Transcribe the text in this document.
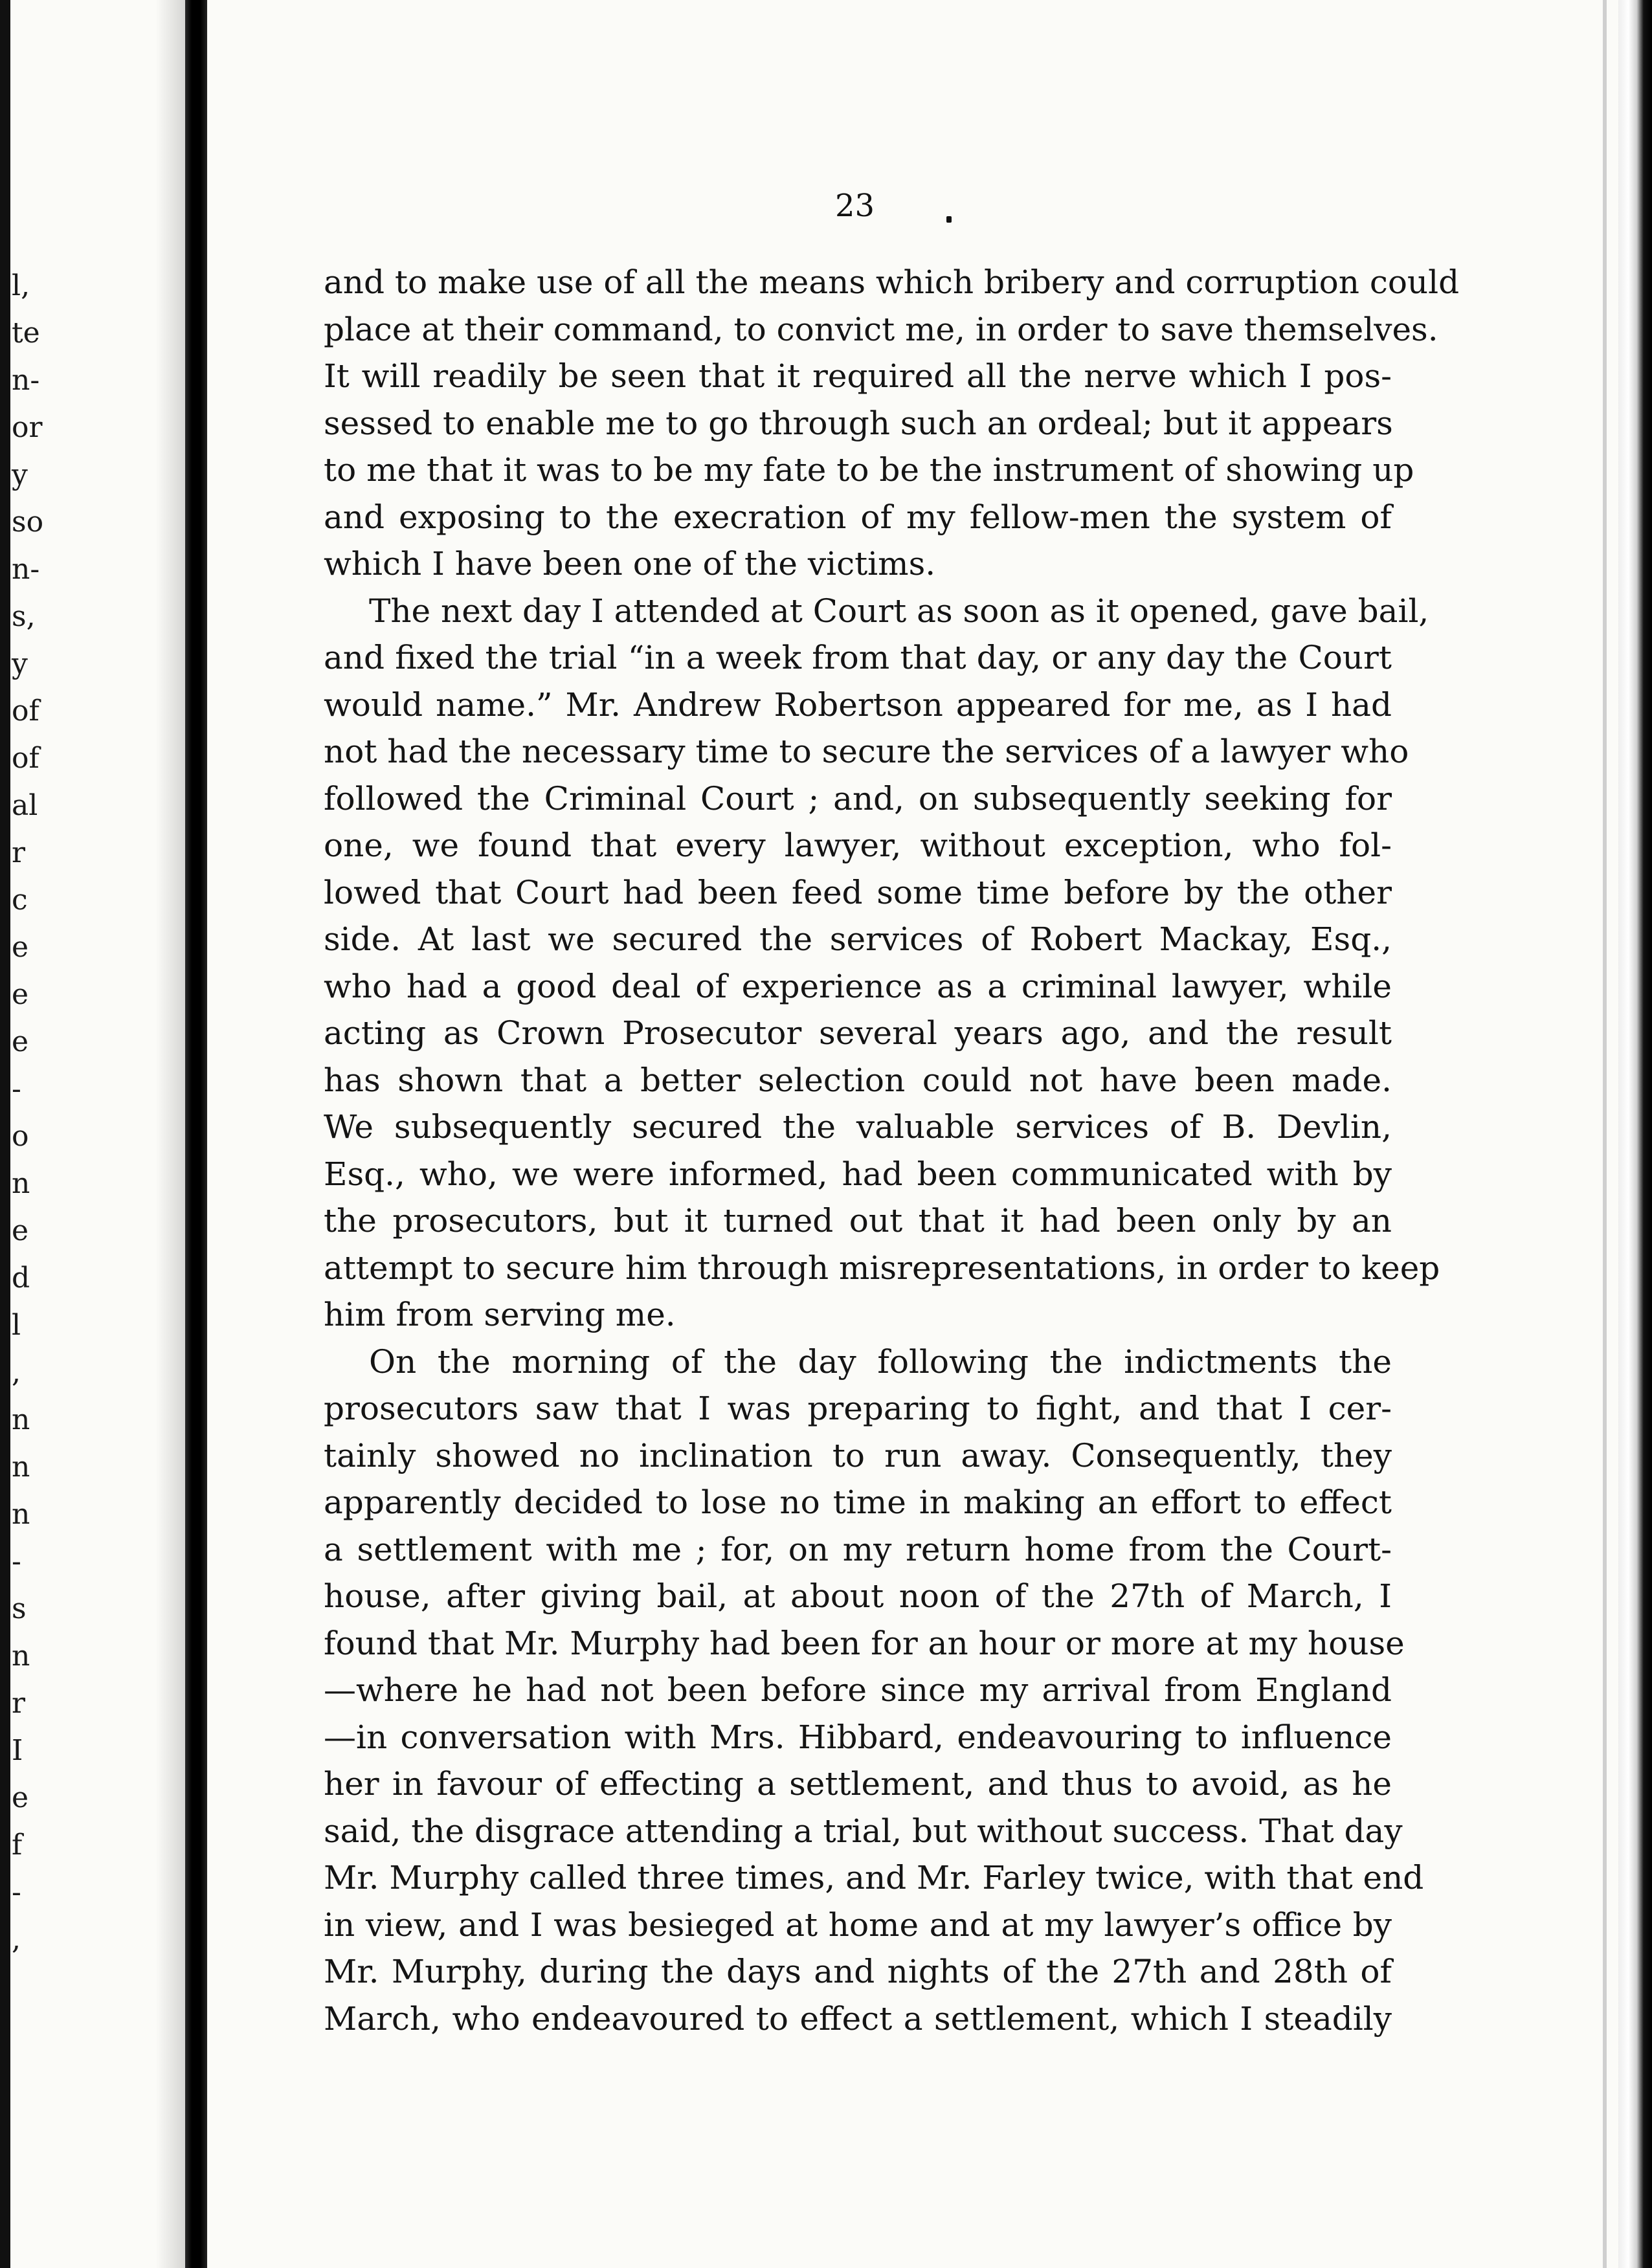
l,
te
n-
or
y
so
n-
s,
y
of
of
al
r
c
e
e
e
-
o
n
e
d
l
,
n
n
n
-
s
n
r
I
e
f
-
,
23
and to make use of all the means which bribery and corruption could
place at their command, to convict me, in order to save themselves.
It will readily be seen that it required all the nerve which I pos-
sessed to enable me to go through such an ordeal; but it appears
to me that it was to be my fate to be the instrument of showing up
and exposing to the execration of my fellow-men the system of
which I have been one of the victims.
The next day I attended at Court as soon as it opened, gave bail,
and fixed the trial “in a week from that day, or any day the Court
would name.” Mr. Andrew Robertson appeared for me, as I had
not had the necessary time to secure the services of a lawyer who
followed the Criminal Court ; and, on subsequently seeking for
one, we found that every lawyer, without exception, who fol-
lowed that Court had been feed some time before by the other
side. At last we secured the services of Robert Mackay, Esq.,
who had a good deal of experience as a criminal lawyer, while
acting as Crown Prosecutor several years ago, and the result
has shown that a better selection could not have been made.
We subsequently secured the valuable services of B. Devlin,
Esq., who, we were informed, had been communicated with by
the prosecutors, but it turned out that it had been only by an
attempt to secure him through misrepresentations, in order to keep
him from serving me.
On the morning of the day following the indictments the
prosecutors saw that I was preparing to fight, and that I cer-
tainly showed no inclination to run away. Consequently, they
apparently decided to lose no time in making an effort to effect
a settlement with me ; for, on my return home from the Court-
house, after giving bail, at about noon of the 27th of March, I
found that Mr. Murphy had been for an hour or more at my house
—where he had not been before since my arrival from England
—in conversation with Mrs. Hibbard, endeavouring to influence
her in favour of effecting a settlement, and thus to avoid, as he
said, the disgrace attending a trial, but without success. That day
Mr. Murphy called three times, and Mr. Farley twice, with that end
in view, and I was besieged at home and at my lawyer’s office by
Mr. Murphy, during the days and nights of the 27th and 28th of
March, who endeavoured to effect a settlement, which I steadily
